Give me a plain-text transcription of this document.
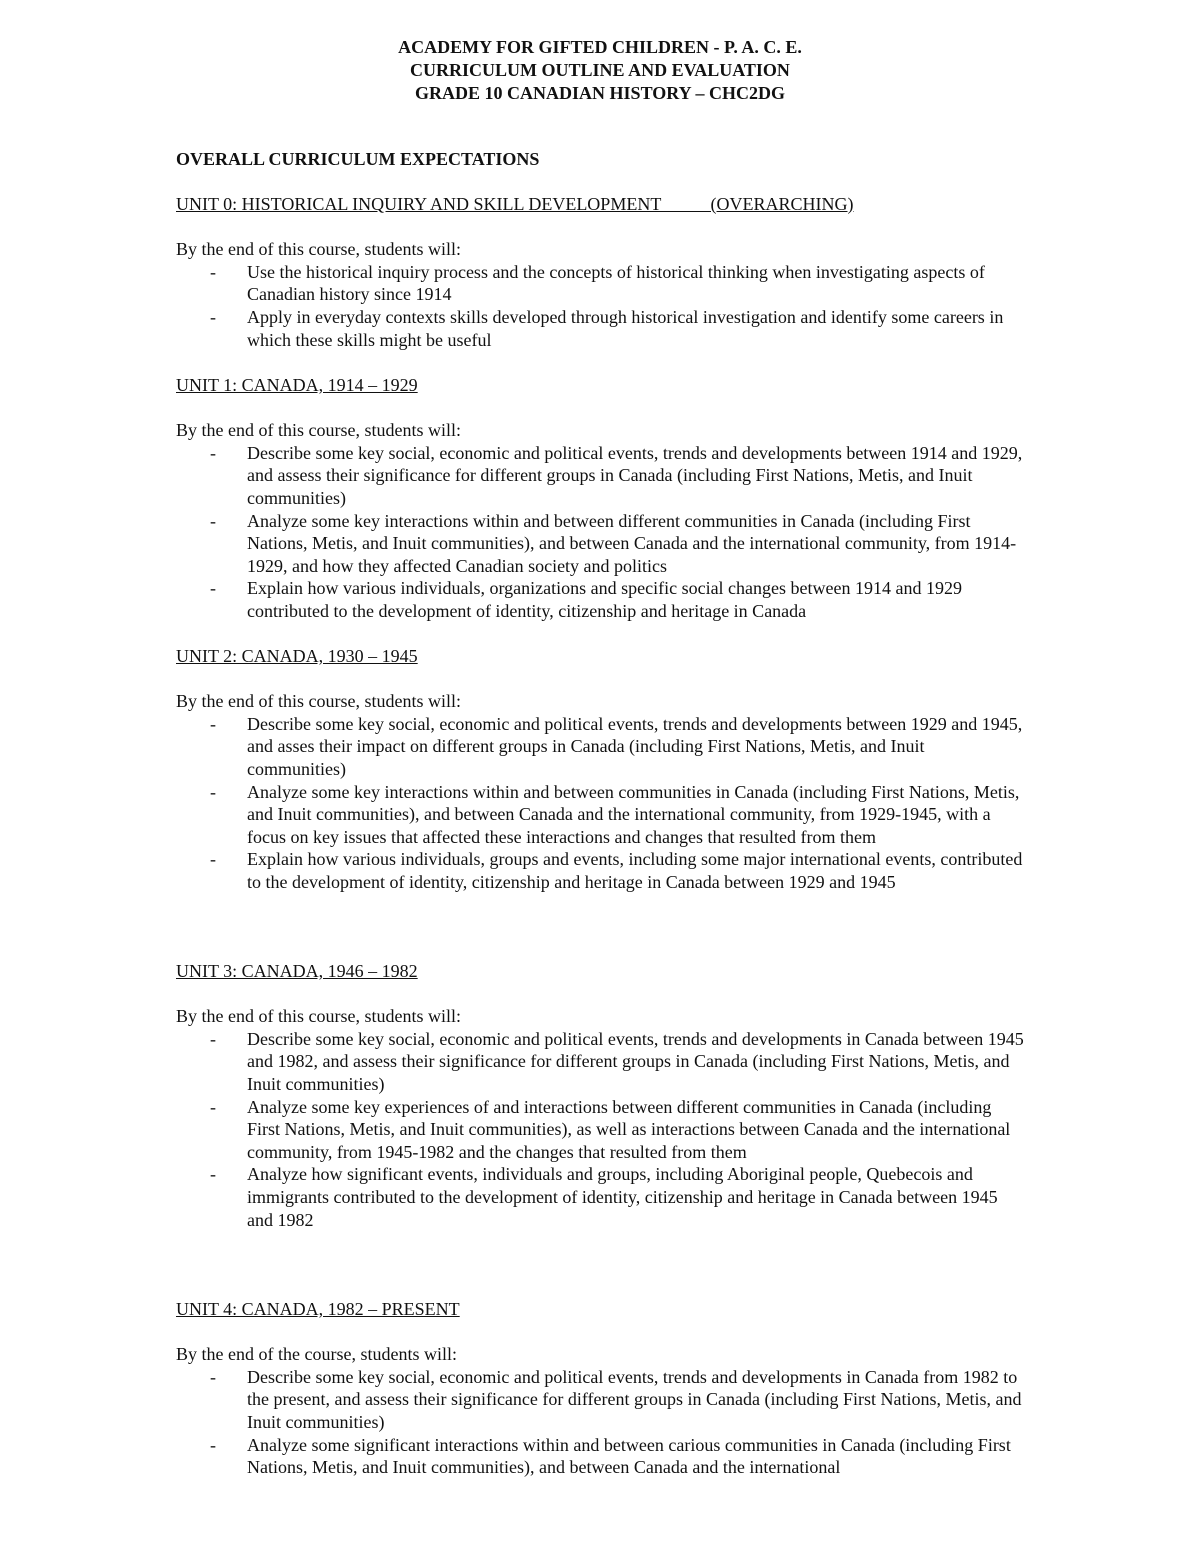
ACADEMY FOR GIFTED CHILDREN - P. A. C. E.
CURRICULUM OUTLINE AND EVALUATION
GRADE 10 CANADIAN HISTORY – CHC2DG
OVERALL CURRICULUM EXPECTATIONS
UNIT 0: HISTORICAL INQUIRY AND SKILL DEVELOPMENT           (OVERARCHING)
By the end of this course, students will:
- Use the historical inquiry process and the concepts of historical thinking when investigating aspects of Canadian history since 1914
- Apply in everyday contexts skills developed through historical investigation and identify some careers in which these skills might be useful
UNIT 1: CANADA, 1914 – 1929
By the end of this course, students will:
- Describe some key social, economic and political events, trends and developments between 1914 and 1929, and assess their significance for different groups in Canada (including First Nations, Metis, and Inuit communities)
- Analyze some key interactions within and between different communities in Canada (including First Nations, Metis, and Inuit communities), and between Canada and the international community, from 1914-1929, and how they affected Canadian society and politics
- Explain how various individuals, organizations and specific social changes between 1914 and 1929 contributed to the development of identity, citizenship and heritage in Canada
UNIT 2: CANADA, 1930 – 1945
By the end of this course, students will:
- Describe some key social, economic and political events, trends and developments between 1929 and 1945, and asses their impact on different groups in Canada (including First Nations, Metis, and Inuit communities)
- Analyze some key interactions within and between communities in Canada (including First Nations, Metis, and Inuit communities), and between Canada and the international community, from 1929-1945, with a focus on key issues that affected these interactions and changes that resulted from them
- Explain how various individuals, groups and events, including some major international events, contributed to the development of identity, citizenship and heritage in Canada between 1929 and 1945
UNIT 3: CANADA, 1946 – 1982
By the end of this course, students will:
- Describe some key social, economic and political events, trends and developments in Canada between 1945 and 1982, and assess their significance for different groups in Canada (including First Nations, Metis, and Inuit communities)
- Analyze some key experiences of and interactions between different communities in Canada (including First Nations, Metis, and Inuit communities), as well as interactions between Canada and the international community, from 1945-1982 and the changes that resulted from them
- Analyze how significant events, individuals and groups, including Aboriginal people, Quebecois and immigrants contributed to the development of identity, citizenship and heritage in Canada between 1945 and 1982
UNIT 4: CANADA, 1982 – PRESENT
By the end of the course, students will:
- Describe some key social, economic and political events, trends and developments in Canada from 1982 to the present, and assess their significance for different groups in Canada (including First Nations, Metis, and Inuit communities)
- Analyze some significant interactions within and between carious communities in Canada (including First Nations, Metis, and Inuit communities), and between Canada and the international
